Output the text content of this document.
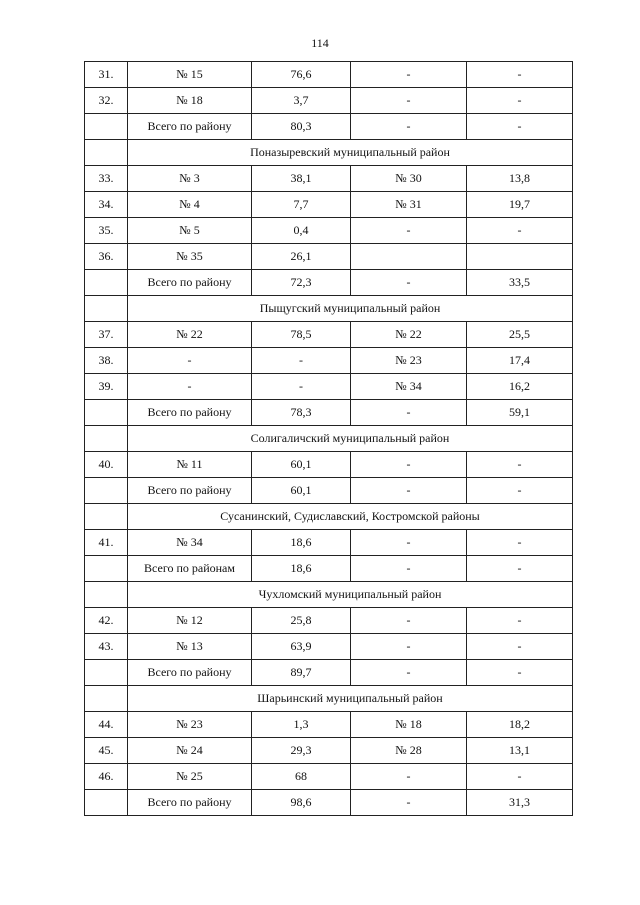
114
31.	№ 15	76,6	-	-
32.	№ 18	3,7	-	-
	Всего по району	80,3	-	-
	Поназыревский муниципальный район			
33.	№ 3	38,1	№ 30	13,8
34.	№ 4	7,7	№ 31	19,7
35.	№ 5	0,4	-	-
36.	№ 35	26,1		
	Всего по району	72,3	-	33,5
	Пыщугский муниципальный район			
37.	№ 22	78,5	№ 22	25,5
38.	-	-	№ 23	17,4
39.	-	-	№ 34	16,2
	Всего по району	78,3	-	59,1
	Солигаличский муниципальный район			
40.	№ 11	60,1	-	-
	Всего по району	60,1	-	-
	Сусанинский, Судиславский, Костромской районы			
41.	№ 34	18,6	-	-
	Всего по районам	18,6	-	-
	Чухломский муниципальный район			
42.	№ 12	25,8	-	-
43.	№ 13	63,9	-	-
	Всего по району	89,7	-	-
	Шарьинский муниципальный район			
44.	№ 23	1,3	№ 18	18,2
45.	№ 24	29,3	№ 28	13,1
46.	№ 25	68	-	-
	Всего по району	98,6	-	31,3
